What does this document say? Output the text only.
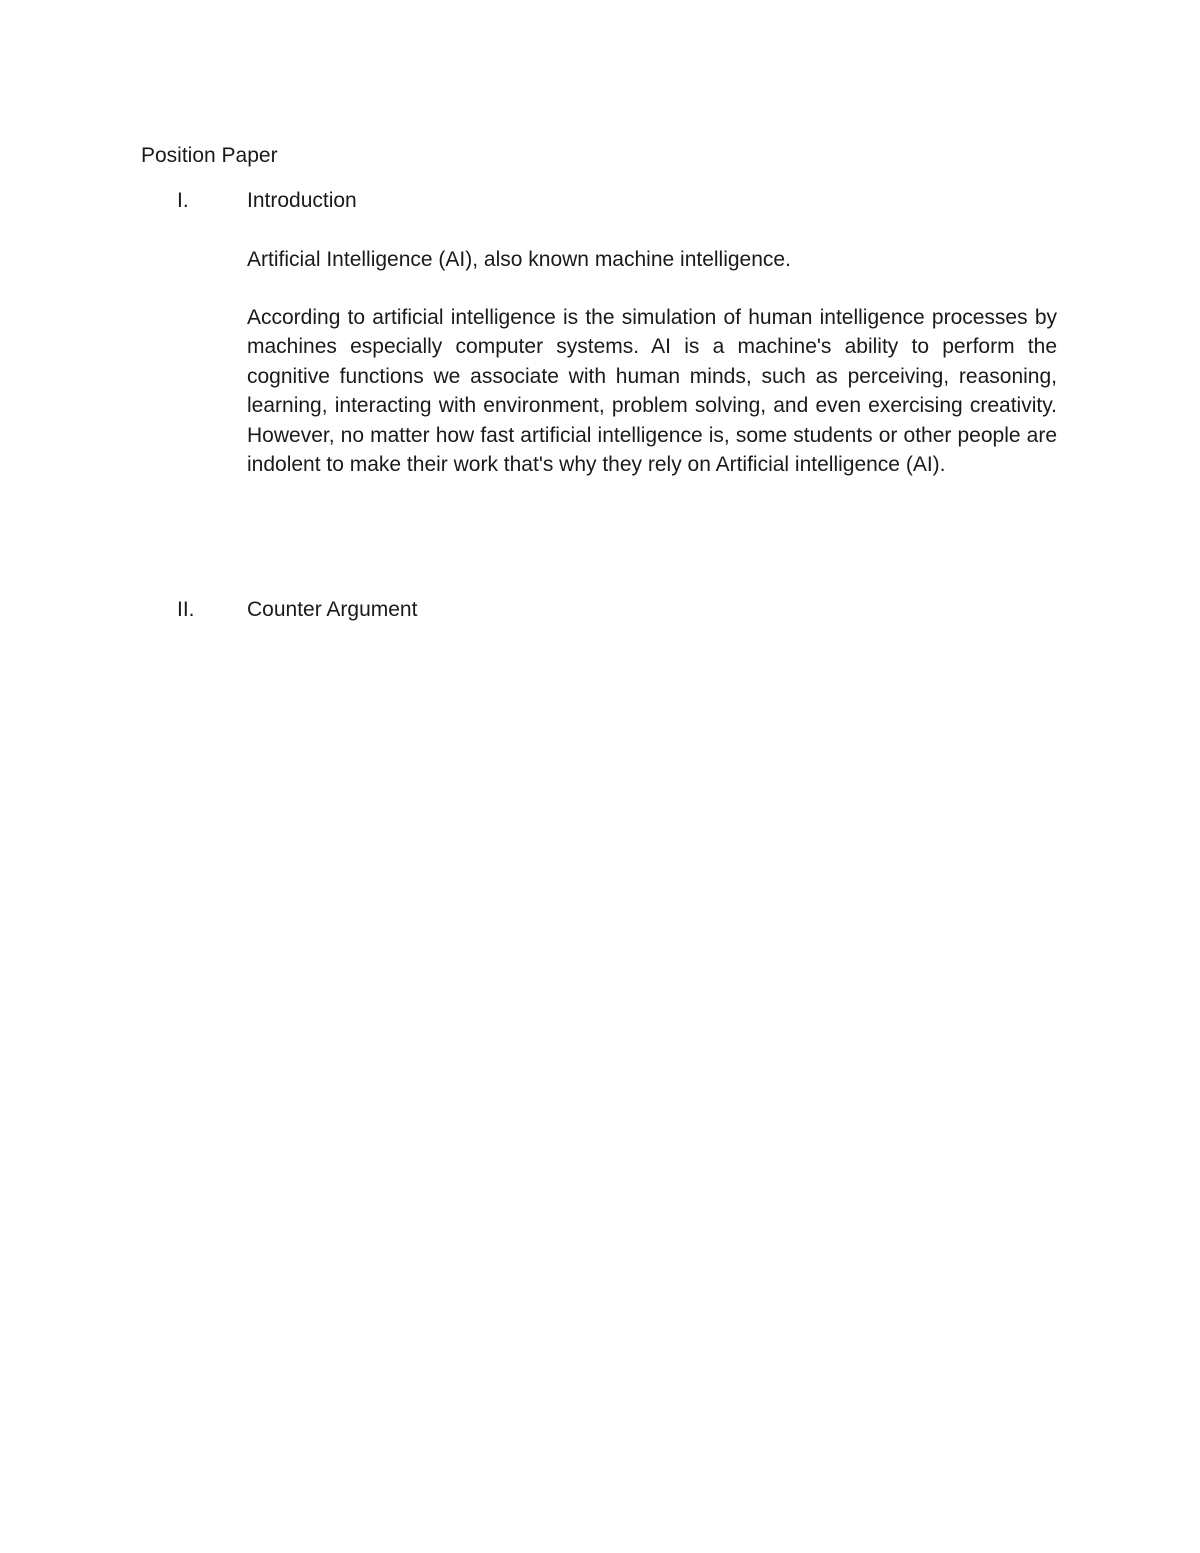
Position Paper
I.	Introduction

Artificial Intelligence (AI), also known machine intelligence.

According to artificial intelligence is the simulation of human intelligence processes by machines especially computer systems. AI is a machine's ability to perform the cognitive functions we associate with human minds, such as perceiving, reasoning, learning, interacting with environment, problem solving, and even exercising creativity. However, no matter how fast artificial intelligence is, some students or other people are indolent to make their work that's why they rely on Artificial intelligence (AI).

II. Counter Argument
